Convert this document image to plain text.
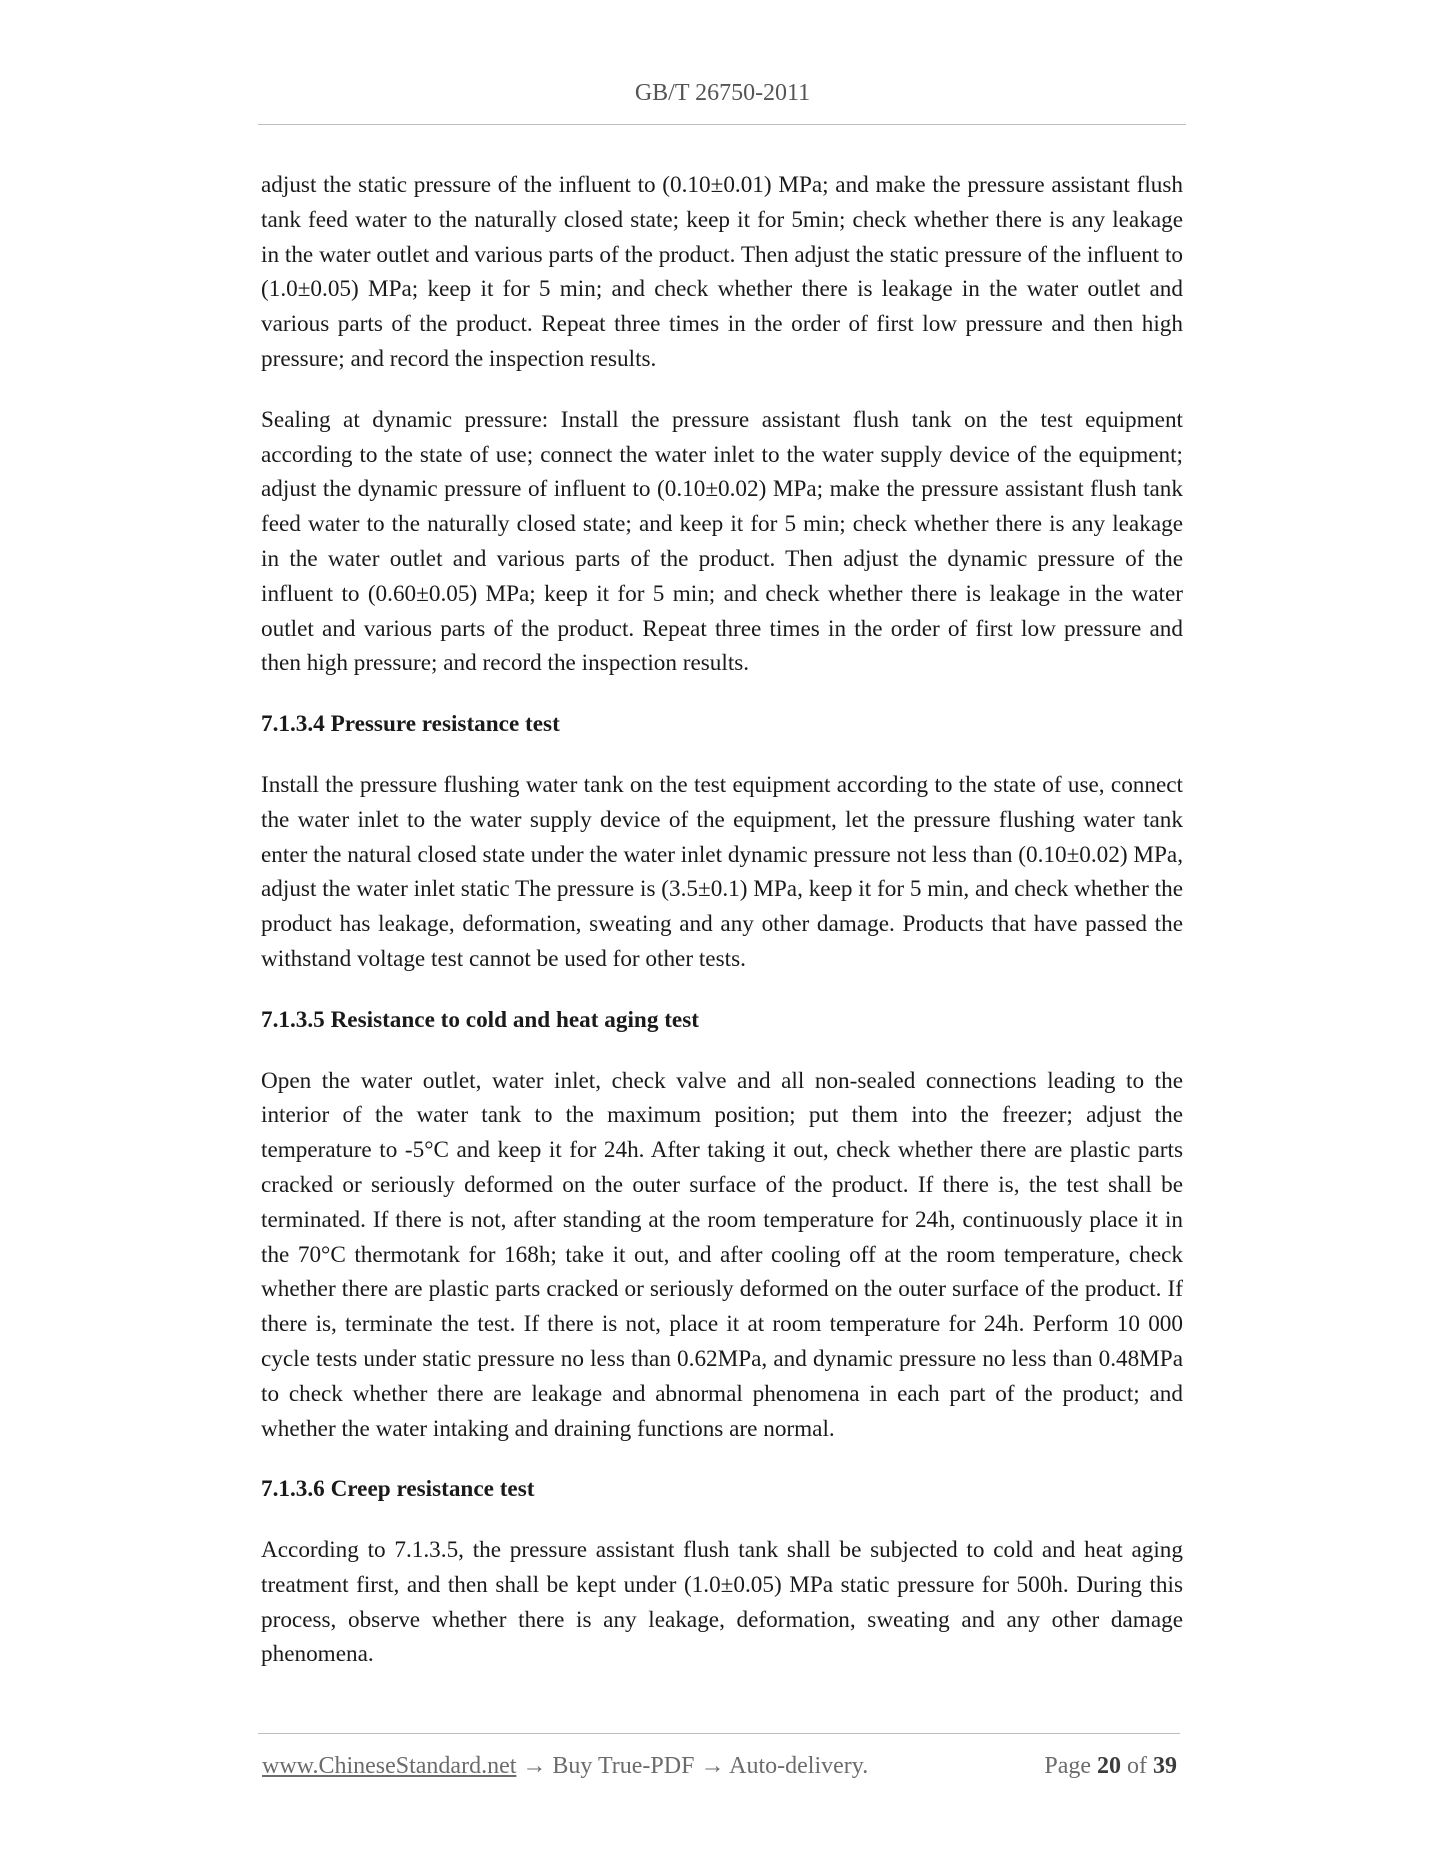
GB/T 26750-2011

adjust the static pressure of the influent to (0.10±0.01) MPa; and make the pressure assistant flush tank feed water to the naturally closed state; keep it for 5min; check whether there is any leakage in the water outlet and various parts of the product. Then adjust the static pressure of the influent to (1.0±0.05) MPa; keep it for 5 min; and check whether there is leakage in the water outlet and various parts of the product. Repeat three times in the order of first low pressure and then high pressure; and record the inspection results.

Sealing at dynamic pressure: Install the pressure assistant flush tank on the test equipment according to the state of use; connect the water inlet to the water supply device of the equipment; adjust the dynamic pressure of influent to (0.10±0.02) MPa; make the pressure assistant flush tank feed water to the naturally closed state; and keep it for 5 min; check whether there is any leakage in the water outlet and various parts of the product. Then adjust the dynamic pressure of the influent to (0.60±0.05) MPa; keep it for 5 min; and check whether there is leakage in the water outlet and various parts of the product. Repeat three times in the order of first low pressure and then high pressure; and record the inspection results.

7.1.3.4 Pressure resistance test

Install the pressure flushing water tank on the test equipment according to the state of use, connect the water inlet to the water supply device of the equipment, let the pressure flushing water tank enter the natural closed state under the water inlet dynamic pressure not less than (0.10±0.02) MPa, adjust the water inlet static The pressure is (3.5±0.1) MPa, keep it for 5 min, and check whether the product has leakage, deformation, sweating and any other damage. Products that have passed the withstand voltage test cannot be used for other tests.

7.1.3.5 Resistance to cold and heat aging test

Open the water outlet, water inlet, check valve and all non-sealed connections leading to the interior of the water tank to the maximum position; put them into the freezer; adjust the temperature to -5°C and keep it for 24h. After taking it out, check whether there are plastic parts cracked or seriously deformed on the outer surface of the product. If there is, the test shall be terminated. If there is not, after standing at the room temperature for 24h, continuously place it in the 70°C thermotank for 168h; take it out, and after cooling off at the room temperature, check whether there are plastic parts cracked or seriously deformed on the outer surface of the product. If there is, terminate the test. If there is not, place it at room temperature for 24h. Perform 10 000 cycle tests under static pressure no less than 0.62MPa, and dynamic pressure no less than 0.48MPa to check whether there are leakage and abnormal phenomena in each part of the product; and whether the water intaking and draining functions are normal.

7.1.3.6 Creep resistance test

According to 7.1.3.5, the pressure assistant flush tank shall be subjected to cold and heat aging treatment first, and then shall be kept under (1.0±0.05) MPa static pressure for 500h. During this process, observe whether there is any leakage, deformation, sweating and any other damage phenomena.

www.ChineseStandard.net → Buy True-PDF → Auto-delivery.	Page 20 of 39
